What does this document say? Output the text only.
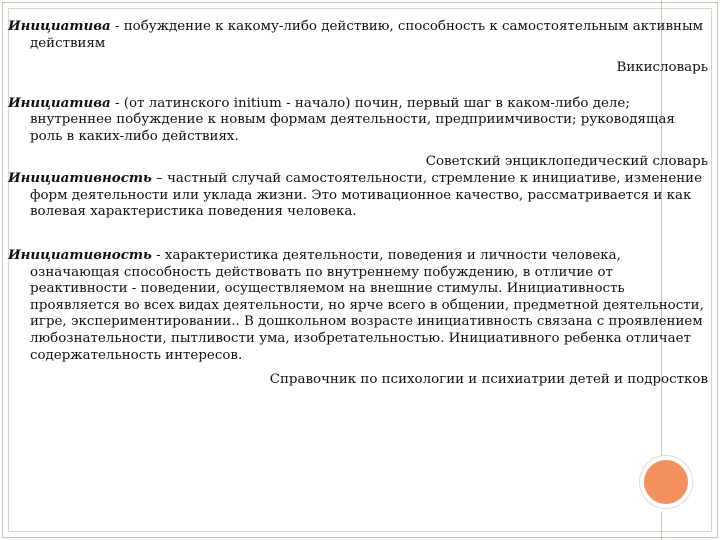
Инициатива - побуждение к какому-либо действию, способность к самостоятельным активным действиям

Викисловарь

Инициатива - (от латинского initium - начало) почин, первый шаг в каком-либо деле; внутреннее побуждение к новым формам деятельности, предприимчивости; руководящая роль в каких-либо действиях.

Советский энциклопедический словарь

Инициативность – частный случай самостоятельности, стремление к инициативе, изменение форм деятельности или уклада жизни. Это мотивационное качество, рассматривается и как волевая характеристика поведения человека.

Инициативность - характеристика деятельности, поведения и личности человека, означающая способность действовать по внутреннему побуждению, в отличие от реактивности - поведении, осуществляемом на внешние стимулы. Инициативность проявляется во всех видах деятельности, но ярче всего в общении, предметной деятельности, игре, экспериментировании.. В дошкольном возрасте инициативность связана с проявлением любознательности, пытливости ума, изобретательностью. Инициативного ребенка отличает содержательность интересов.

Справочник по психологии и психиатрии детей и подростков
